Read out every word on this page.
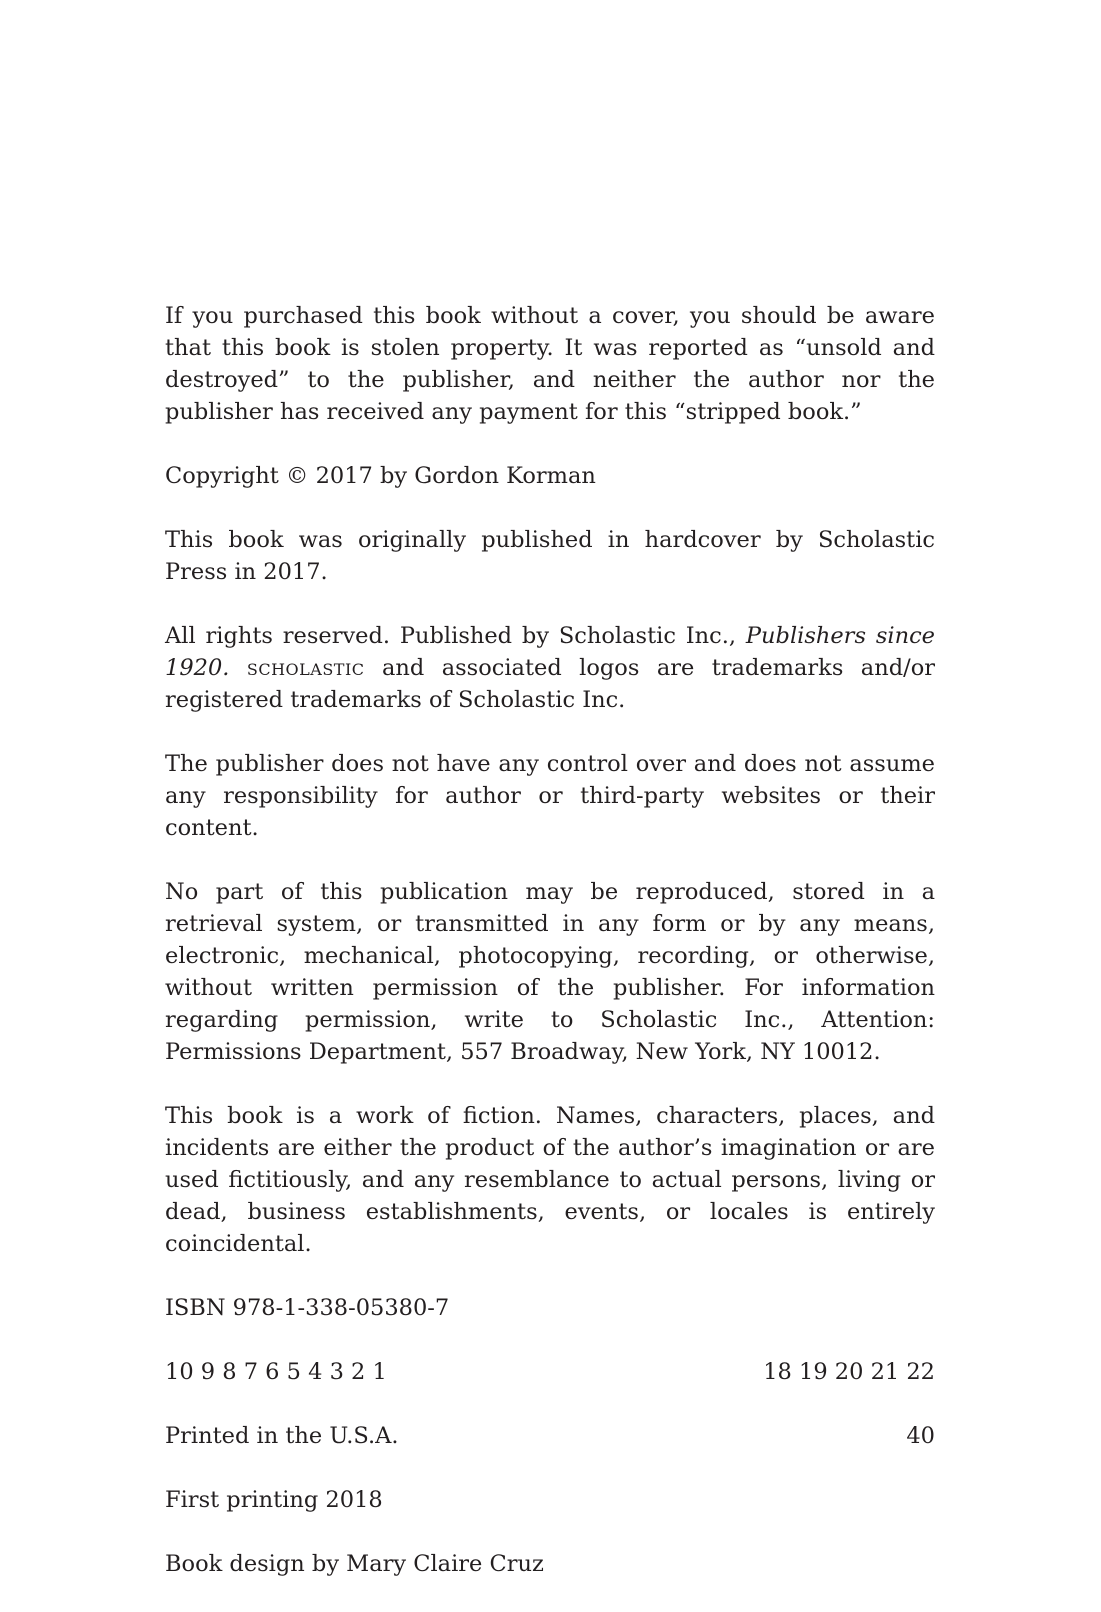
If you purchased this book without a cover, you should be aware that this book is stolen property. It was reported as “unsold and destroyed” to the publisher, and neither the author nor the publisher has received any payment for this “stripped book.”

Copyright © 2017 by Gordon Korman

This book was originally published in hardcover by Scholastic Press in 2017.

All rights reserved. Published by Scholastic Inc., Publishers since 1920. scholastic and associated logos are trademarks and/or registered trademarks of Scholastic Inc.

The publisher does not have any control over and does not assume any responsibility for author or third-party websites or their content.

No part of this publication may be reproduced, stored in a retrieval system, or transmitted in any form or by any means, electronic, mechanical, photocopying, recording, or otherwise, without written permission of the publisher. For information regarding permission, write to Scholastic Inc., Attention: Permissions Department, 557 Broadway, New York, NY 10012.

This book is a work of fiction. Names, characters, places, and incidents are either the product of the author’s imagination or are used fictitiously, and any resemblance to actual persons, living or dead, business establishments, events, or locales is entirely coincidental.

ISBN 978-1-338-05380-7

10 9 8 7 6 5 4 3 2 1	18 19 20 21 22
Printed in the U.S.A.	40

First printing 2018

Book design by Mary Claire Cruz
